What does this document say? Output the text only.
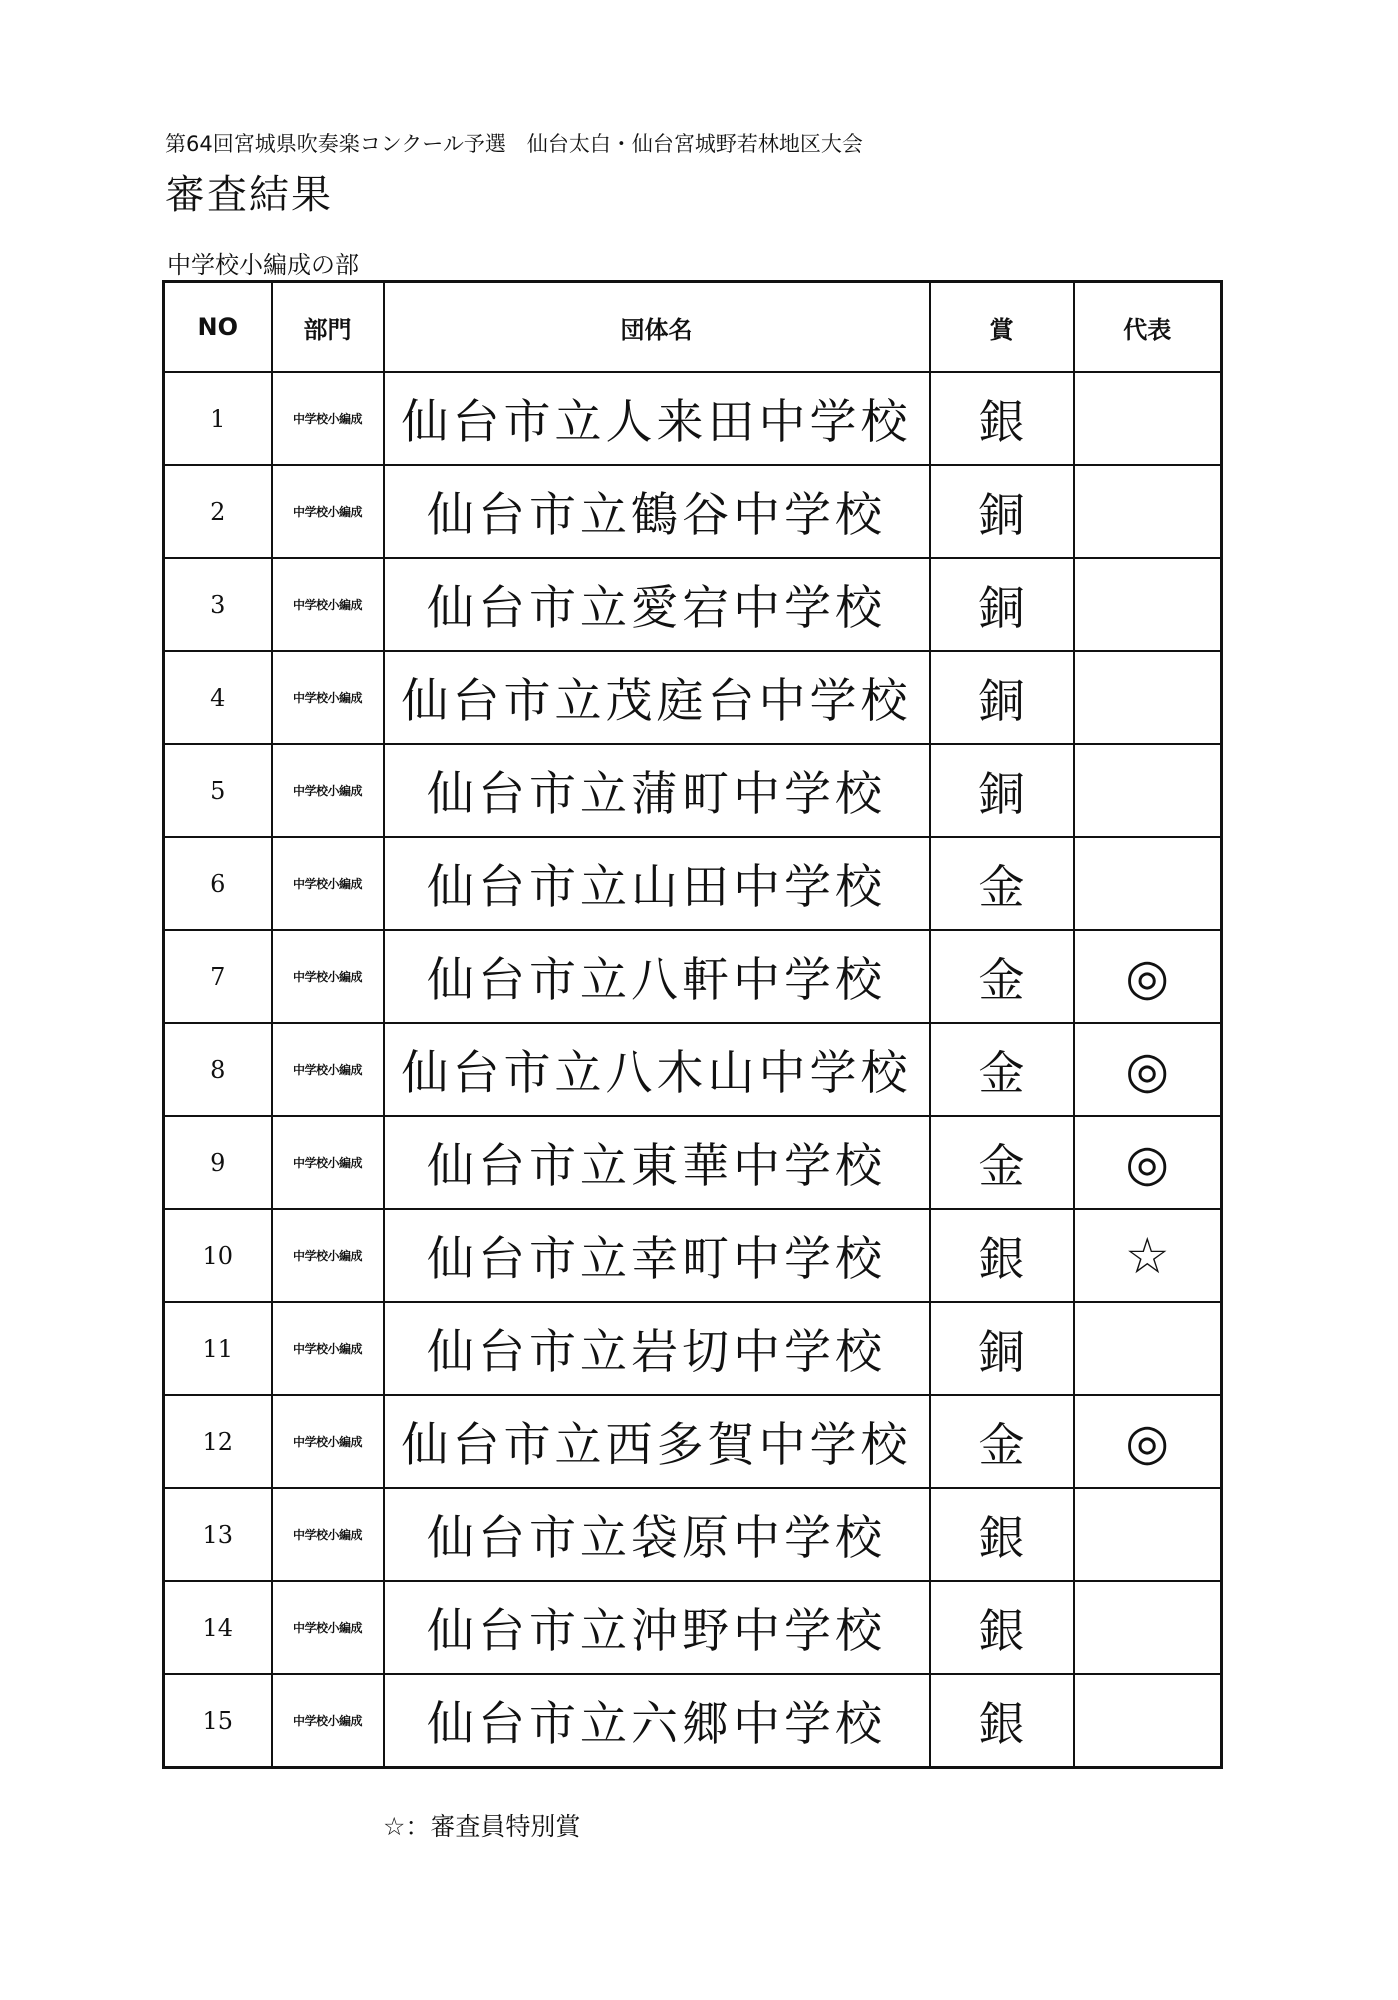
第64回宮城県吹奏楽コンクール予選　仙台太白・仙台宮城野若林地区大会
審査結果
中学校小編成の部
NO	部門	団体名	賞	代表
1	中学校小編成	仙台市立人来田中学校	銀	
2	中学校小編成	仙台市立鶴谷中学校	銅	
3	中学校小編成	仙台市立愛宕中学校	銅	
4	中学校小編成	仙台市立茂庭台中学校	銅	
5	中学校小編成	仙台市立蒲町中学校	銅	
6	中学校小編成	仙台市立山田中学校	金	
7	中学校小編成	仙台市立八軒中学校	金	◎
8	中学校小編成	仙台市立八木山中学校	金	◎
9	中学校小編成	仙台市立東華中学校	金	◎
10	中学校小編成	仙台市立幸町中学校	銀	☆
11	中学校小編成	仙台市立岩切中学校	銅	
12	中学校小編成	仙台市立西多賀中学校	金	◎
13	中学校小編成	仙台市立袋原中学校	銀	
14	中学校小編成	仙台市立沖野中学校	銀	
15	中学校小編成	仙台市立六郷中学校	銀	
☆：審査員特別賞
